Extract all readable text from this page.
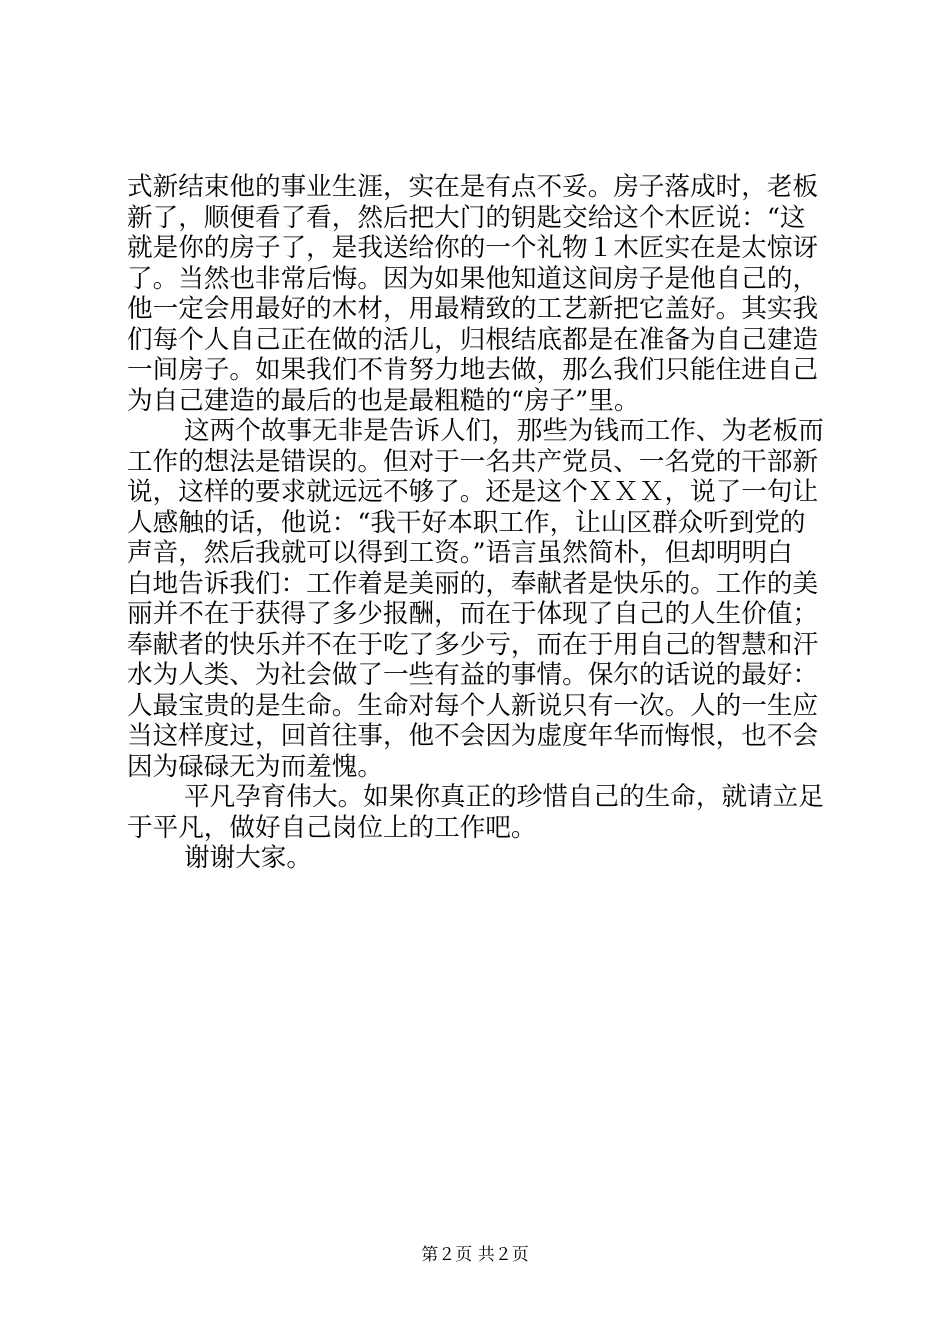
式新结束他的事业生涯，实在是有点不妥。房子落成时，老板
新了，顺便看了看，然后把大门的钥匙交给这个木匠说：“这
就是你的房子了，是我送给你的一个礼物１木匠实在是太惊讶
了。当然也非常后悔。因为如果他知道这间房子是他自己的，
他一定会用最好的木材，用最精致的工艺新把它盖好。其实我
们每个人自己正在做的活儿，归根结底都是在准备为自己建造
一间房子。如果我们不肯努力地去做，那么我们只能住进自己
为自己建造的最后的也是最粗糙的“房子”里。
这两个故事无非是告诉人们，那些为钱而工作、为老板而
工作的想法是错误的。但对于一名共产党员、一名党的干部新
说，这样的要求就远远不够了。还是这个ＸＸＸ，说了一句让
人感触的话，他说：“我干好本职工作，让山区群众听到党的
声音，然后我就可以得到工资。”语言虽然简朴，但却明明白
白地告诉我们：工作着是美丽的，奉献者是快乐的。工作的美
丽并不在于获得了多少报酬，而在于体现了自己的人生价值；
奉献者的快乐并不在于吃了多少亏，而在于用自己的智慧和汗
水为人类、为社会做了一些有益的事情。保尔的话说的最好：
人最宝贵的是生命。生命对每个人新说只有一次。人的一生应
当这样度过，回首往事，他不会因为虚度年华而悔恨，也不会
因为碌碌无为而羞愧。
平凡孕育伟大。如果你真正的珍惜自己的生命，就请立足
于平凡，做好自己岗位上的工作吧。
谢谢大家。
第２页 共２页
